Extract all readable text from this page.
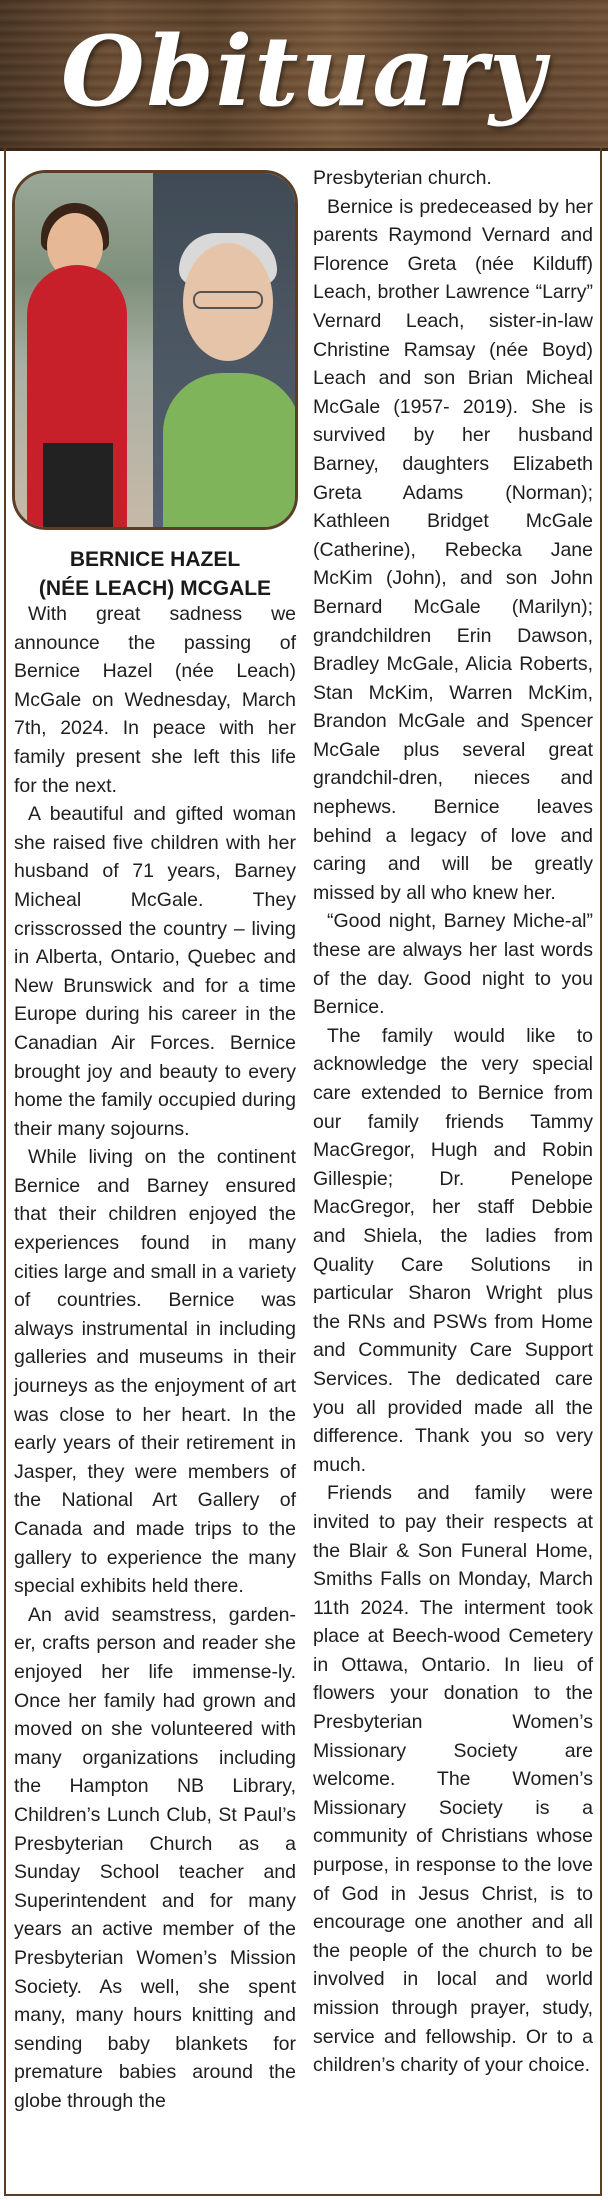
Obituary
BERNICE HAZEL
(NÉE LEACH) MCGALE

With great sadness we announce the passing of Bernice Hazel (née Leach) McGale on Wednesday, March 7th, 2024. In peace with her family present she left this life for the next.

A beautiful and gifted woman she raised five children with her husband of 71 years, Barney Micheal McGale. They crisscrossed the country – living in Alberta, Ontario, Quebec and New Brunswick and for a time Europe during his career in the Canadian Air Forces. Bernice brought joy and beauty to every home the family occupied during their many sojourns.

While living on the continent Bernice and Barney ensured that their children enjoyed the experiences found in many cities large and small in a variety of countries. Bernice was always instrumental in including galleries and museums in their journeys as the enjoyment of art was close to her heart. In the early years of their retirement in Jasper, they were members of the National Art Gallery of Canada and made trips to the gallery to experience the many special exhibits held there.

An avid seamstress, garden-er, crafts person and reader she enjoyed her life immense-ly. Once her family had grown and moved on she volunteered with many organizations including the Hampton NB Library, Children’s Lunch Club, St Paul’s Presbyterian Church as a Sunday School teacher and Superintendent and for many years an active member of the Presbyterian Women’s Mission Society. As well, she spent many, many hours knitting and sending baby blankets for premature babies around the globe through the

Presbyterian church.

Bernice is predeceased by her parents Raymond Vernard and Florence Greta (née Kilduff) Leach, brother Lawrence “Larry” Vernard Leach, sister-in-law Christine Ramsay (née Boyd) Leach and son Brian Micheal McGale (1957- 2019). She is survived by her husband Barney, daughters Elizabeth Greta Adams (Norman); Kathleen Bridget McGale (Catherine), Rebecka Jane McKim (John), and son John Bernard McGale (Marilyn); grandchildren Erin Dawson, Bradley McGale, Alicia Roberts, Stan McKim, Warren McKim, Brandon McGale and Spencer McGale plus several great grandchil-dren, nieces and nephews. Bernice leaves behind a legacy of love and caring and will be greatly missed by all who knew her.

“Good night, Barney Miche-al” these are always her last words of the day. Good night to you Bernice.

The family would like to acknowledge the very special care extended to Bernice from our family friends Tammy MacGregor, Hugh and Robin Gillespie; Dr. Penelope MacGregor, her staff Debbie and Shiela, the ladies from Quality Care Solutions in particular Sharon Wright plus the RNs and PSWs from Home and Community Care Support Services. The dedicated care you all provided made all the difference. Thank you so very much.

Friends and family were invited to pay their respects at the Blair & Son Funeral Home, Smiths Falls on Monday, March 11th 2024. The interment took place at Beech-wood Cemetery in Ottawa, Ontario. In lieu of flowers your donation to the Presbyterian Women’s Missionary Society are welcome. The Women’s Missionary Society is a community of Christians whose purpose, in response to the love of God in Jesus Christ, is to encourage one another and all the people of the church to be involved in local and world mission through prayer, study, service and fellowship. Or to a children’s charity of your choice.
